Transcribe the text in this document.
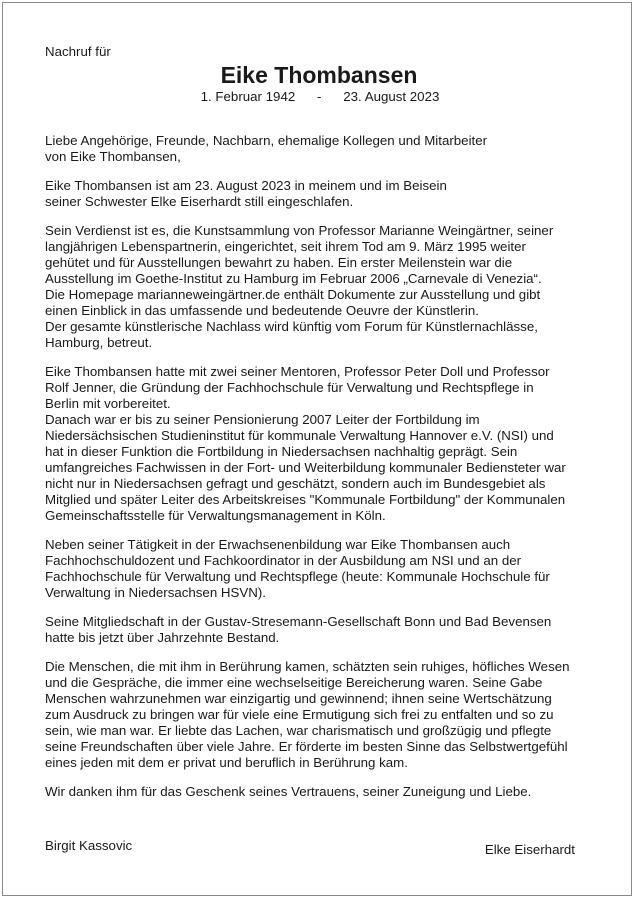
Nachruf für

Eike Thombansen
1. Februar 1942	-	23. August 2023

Liebe Angehörige, Freunde, Nachbarn, ehemalige Kollegen und Mitarbeiter
von Eike Thombansen,

Eike Thombansen ist am 23. August 2023 in meinem und im Beisein
seiner Schwester Elke Eiserhardt still eingeschlafen.

Sein Verdienst ist es, die Kunstsammlung von Professor Marianne Weingärtner, seiner
langjährigen Lebenspartnerin, eingerichtet, seit ihrem Tod am 9. März 1995 weiter
gehütet und für Ausstellungen bewahrt zu haben. Ein erster Meilenstein war die
Ausstellung im Goethe-Institut zu Hamburg im Februar 2006 „Carnevale di Venezia“.
Die Homepage marianneweingärtner.de enthält Dokumente zur Ausstellung und gibt
einen Einblick in das umfassende und bedeutende Oeuvre der Künstlerin.
Der gesamte künstlerische Nachlass wird künftig vom Forum für Künstlernachlässe,
Hamburg, betreut.

Eike Thombansen hatte mit zwei seiner Mentoren, Professor Peter Doll und Professor
Rolf Jenner, die Gründung der Fachhochschule für Verwaltung und Rechtspflege in
Berlin mit vorbereitet.
Danach war er bis zu seiner Pensionierung 2007 Leiter der Fortbildung im
Niedersächsischen Studieninstitut für kommunale Verwaltung Hannover e.V. (NSI) und
hat in dieser Funktion die Fortbildung in Niedersachsen nachhaltig geprägt. Sein
umfangreiches Fachwissen in der Fort- und Weiterbildung kommunaler Bediensteter war
nicht nur in Niedersachsen gefragt und geschätzt, sondern auch im Bundesgebiet als
Mitglied und später Leiter des Arbeitskreises "Kommunale Fortbildung" der Kommunalen
Gemeinschaftsstelle für Verwaltungsmanagement in Köln.

Neben seiner Tätigkeit in der Erwachsenenbildung war Eike Thombansen auch
Fachhochschuldozent und Fachkoordinator in der Ausbildung am NSI und an der
Fachhochschule für Verwaltung und Rechtspflege (heute: Kommunale Hochschule für
Verwaltung in Niedersachsen HSVN).

Seine Mitgliedschaft in der Gustav-Stresemann-Gesellschaft Bonn und Bad Bevensen
hatte bis jetzt über Jahrzehnte Bestand.

Die Menschen, die mit ihm in Berührung kamen, schätzten sein ruhiges, höfliches Wesen
und die Gespräche, die immer eine wechselseitige Bereicherung waren. Seine Gabe
Menschen wahrzunehmen war einzigartig und gewinnend; ihnen seine Wertschätzung
zum Ausdruck zu bringen war für viele eine Ermutigung sich frei zu entfalten und so zu
sein, wie man war. Er liebte das Lachen, war charismatisch und großzügig und pflegte
seine Freundschaften über viele Jahre. Er förderte im besten Sinne das Selbstwertgefühl
eines jeden mit dem er privat und beruflich in Berührung kam.

Wir danken ihm für das Geschenk seines Vertrauens, seiner Zuneigung und Liebe.

Birgit Kassovic	Elke Eiserhardt
